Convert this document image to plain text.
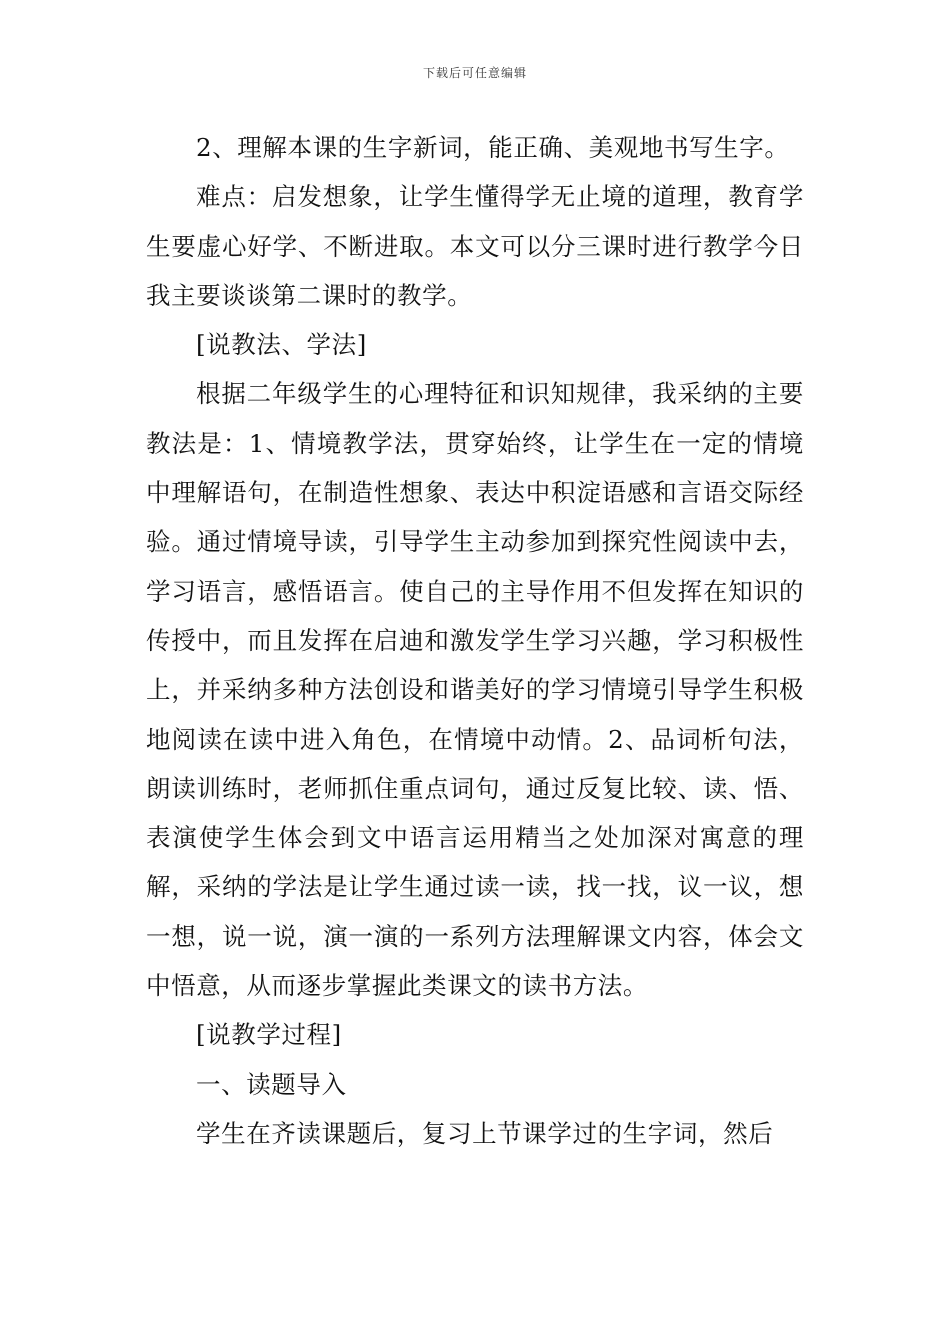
下载后可任意编辑

2、理解本课的生字新词，能正确、美观地书写生字。

难点：启发想象，让学生懂得学无止境的道理，教育学生要虚心好学、不断进取。本文可以分三课时进行教学今日我主要谈谈第二课时的教学。

[说教法、学法]

根据二年级学生的心理特征和识知规律，我采纳的主要教法是：1、情境教学法，贯穿始终，让学生在一定的情境中理解语句，在制造性想象、表达中积淀语感和言语交际经验。通过情境导读，引导学生主动参加到探究性阅读中去，学习语言，感悟语言。使自己的主导作用不但发挥在知识的传授中，而且发挥在启迪和激发学生学习兴趣，学习积极性上，并采纳多种方法创设和谐美好的学习情境引导学生积极地阅读在读中进入角色，在情境中动情。2、品词析句法，朗读训练时，老师抓住重点词句，通过反复比较、读、悟、表演使学生体会到文中语言运用精当之处加深对寓意的理解，采纳的学法是让学生通过读一读，找一找，议一议，想一想，说一说，演一演的一系列方法理解课文内容，体会文中悟意，从而逐步掌握此类课文的读书方法。

[说教学过程]

一、读题导入

学生在齐读课题后，复习上节课学过的生字词，然后
